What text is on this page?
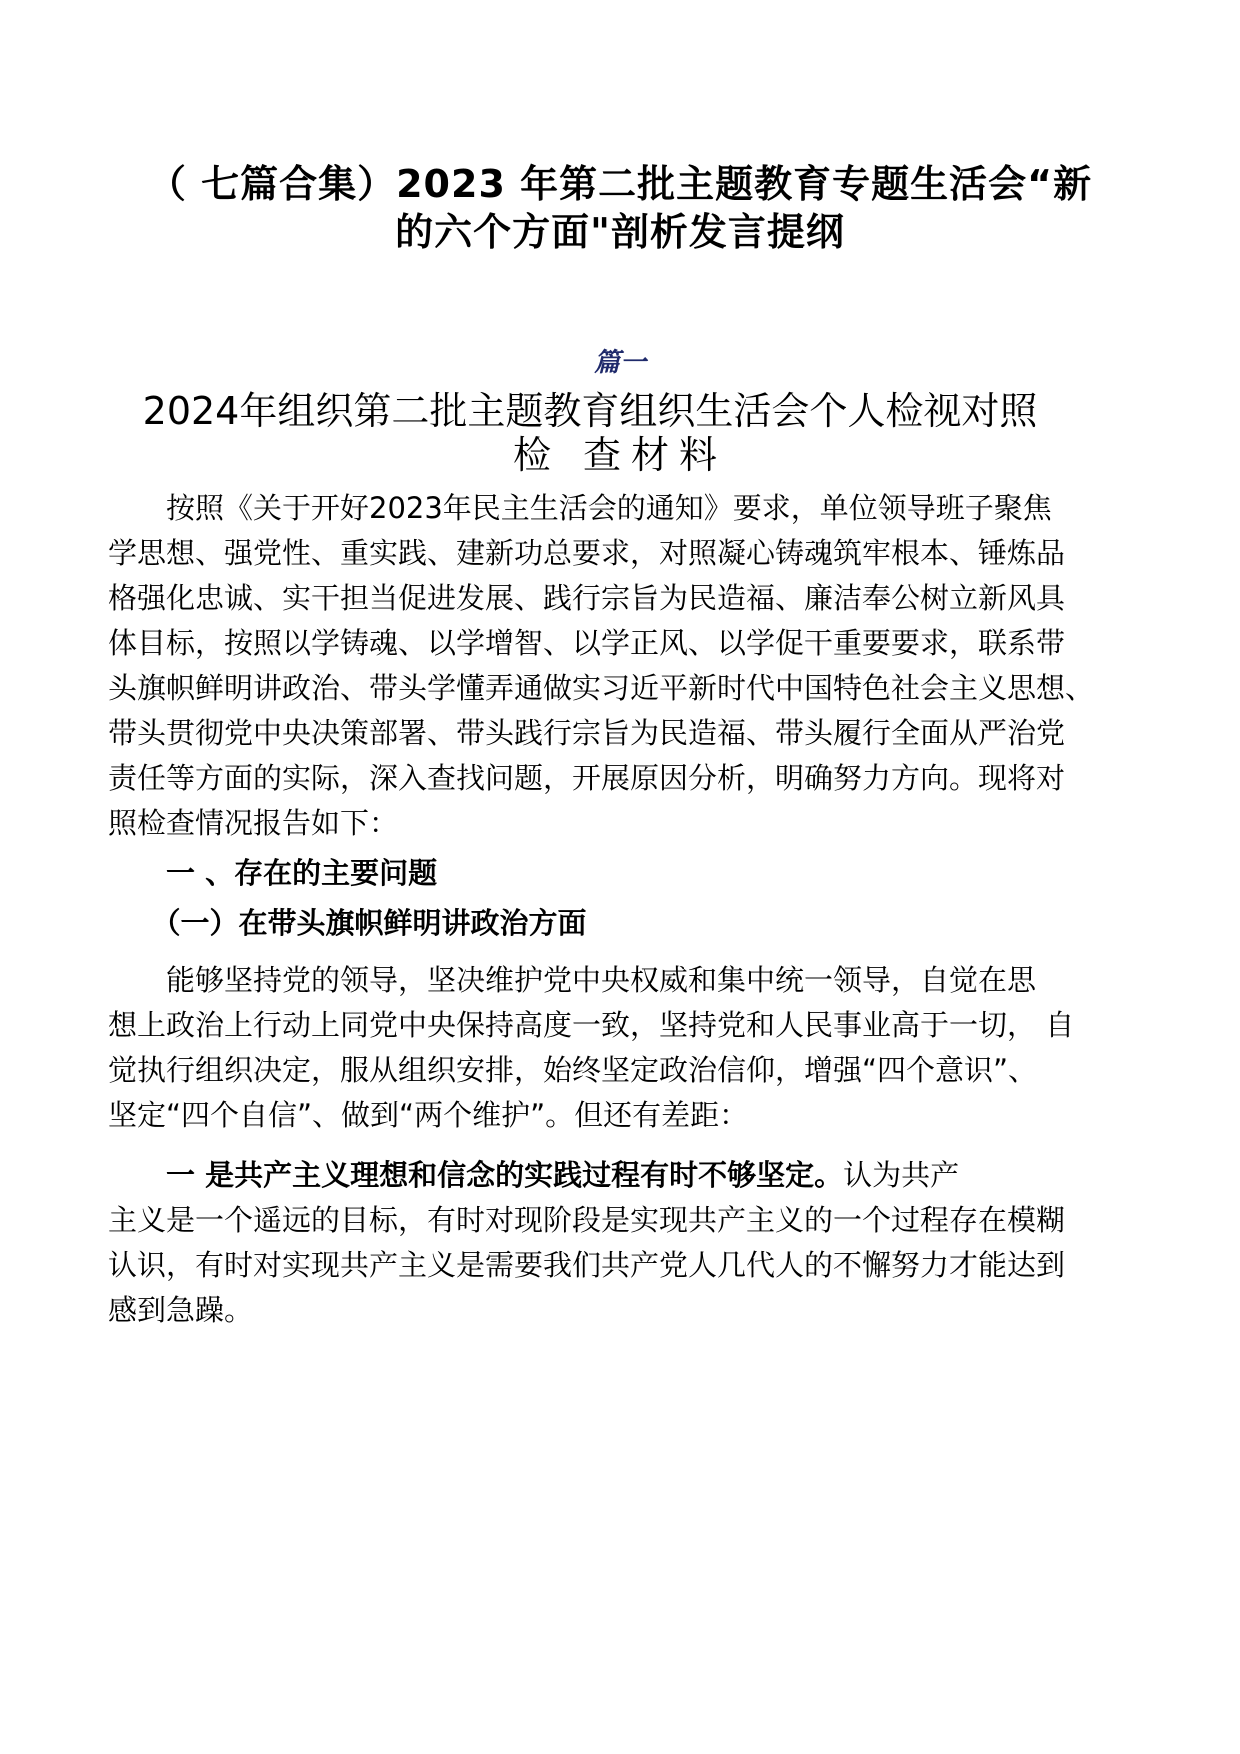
（ 七篇合集）2023 年第二批主题教育专题生活会“新
的六个方面"剖析发言提纲
篇一
2024年组织第二批主题教育组织生活会个人检视对照
检 查材料

　　按照《关于开好2023年民主生活会的通知》要求，单位领导班子聚焦

学思想、强党性、重实践、建新功总要求，对照凝心铸魂筑牢根本、锤炼品

格强化忠诚、实干担当促进发展、践行宗旨为民造福、廉洁奉公树立新风具

体目标，按照以学铸魂、以学增智、以学正风、以学促干重要要求，联系带

头旗帜鲜明讲政治、带头学懂弄通做实习近平新时代中国特色社会主义思想、

带头贯彻党中央决策部署、带头践行宗旨为民造福、带头履行全面从严治党

责任等方面的实际，深入查找问题，开展原因分析，明确努力方向。现将对

照检查情况报告如下：

　　一 、存在的主要问题

　　（一）在带头旗帜鲜明讲政治方面

　　能够坚持党的领导，坚决维护党中央权威和集中统一领导，自觉在思

想上政治上行动上同党中央保持高度一致，坚持党和人民事业高于一切， 自

觉执行组织决定，服从组织安排，始终坚定政治信仰，增强“四个意识”、

坚定“四个自信”、做到“两个维护”。但还有差距：

　　一 是共产主义理想和信念的实践过程有时不够坚定。认为共产

主义是一个遥远的目标，有时对现阶段是实现共产主义的一个过程存在模糊

认识，有时对实现共产主义是需要我们共产党人几代人的不懈努力才能达到

感到急躁。
